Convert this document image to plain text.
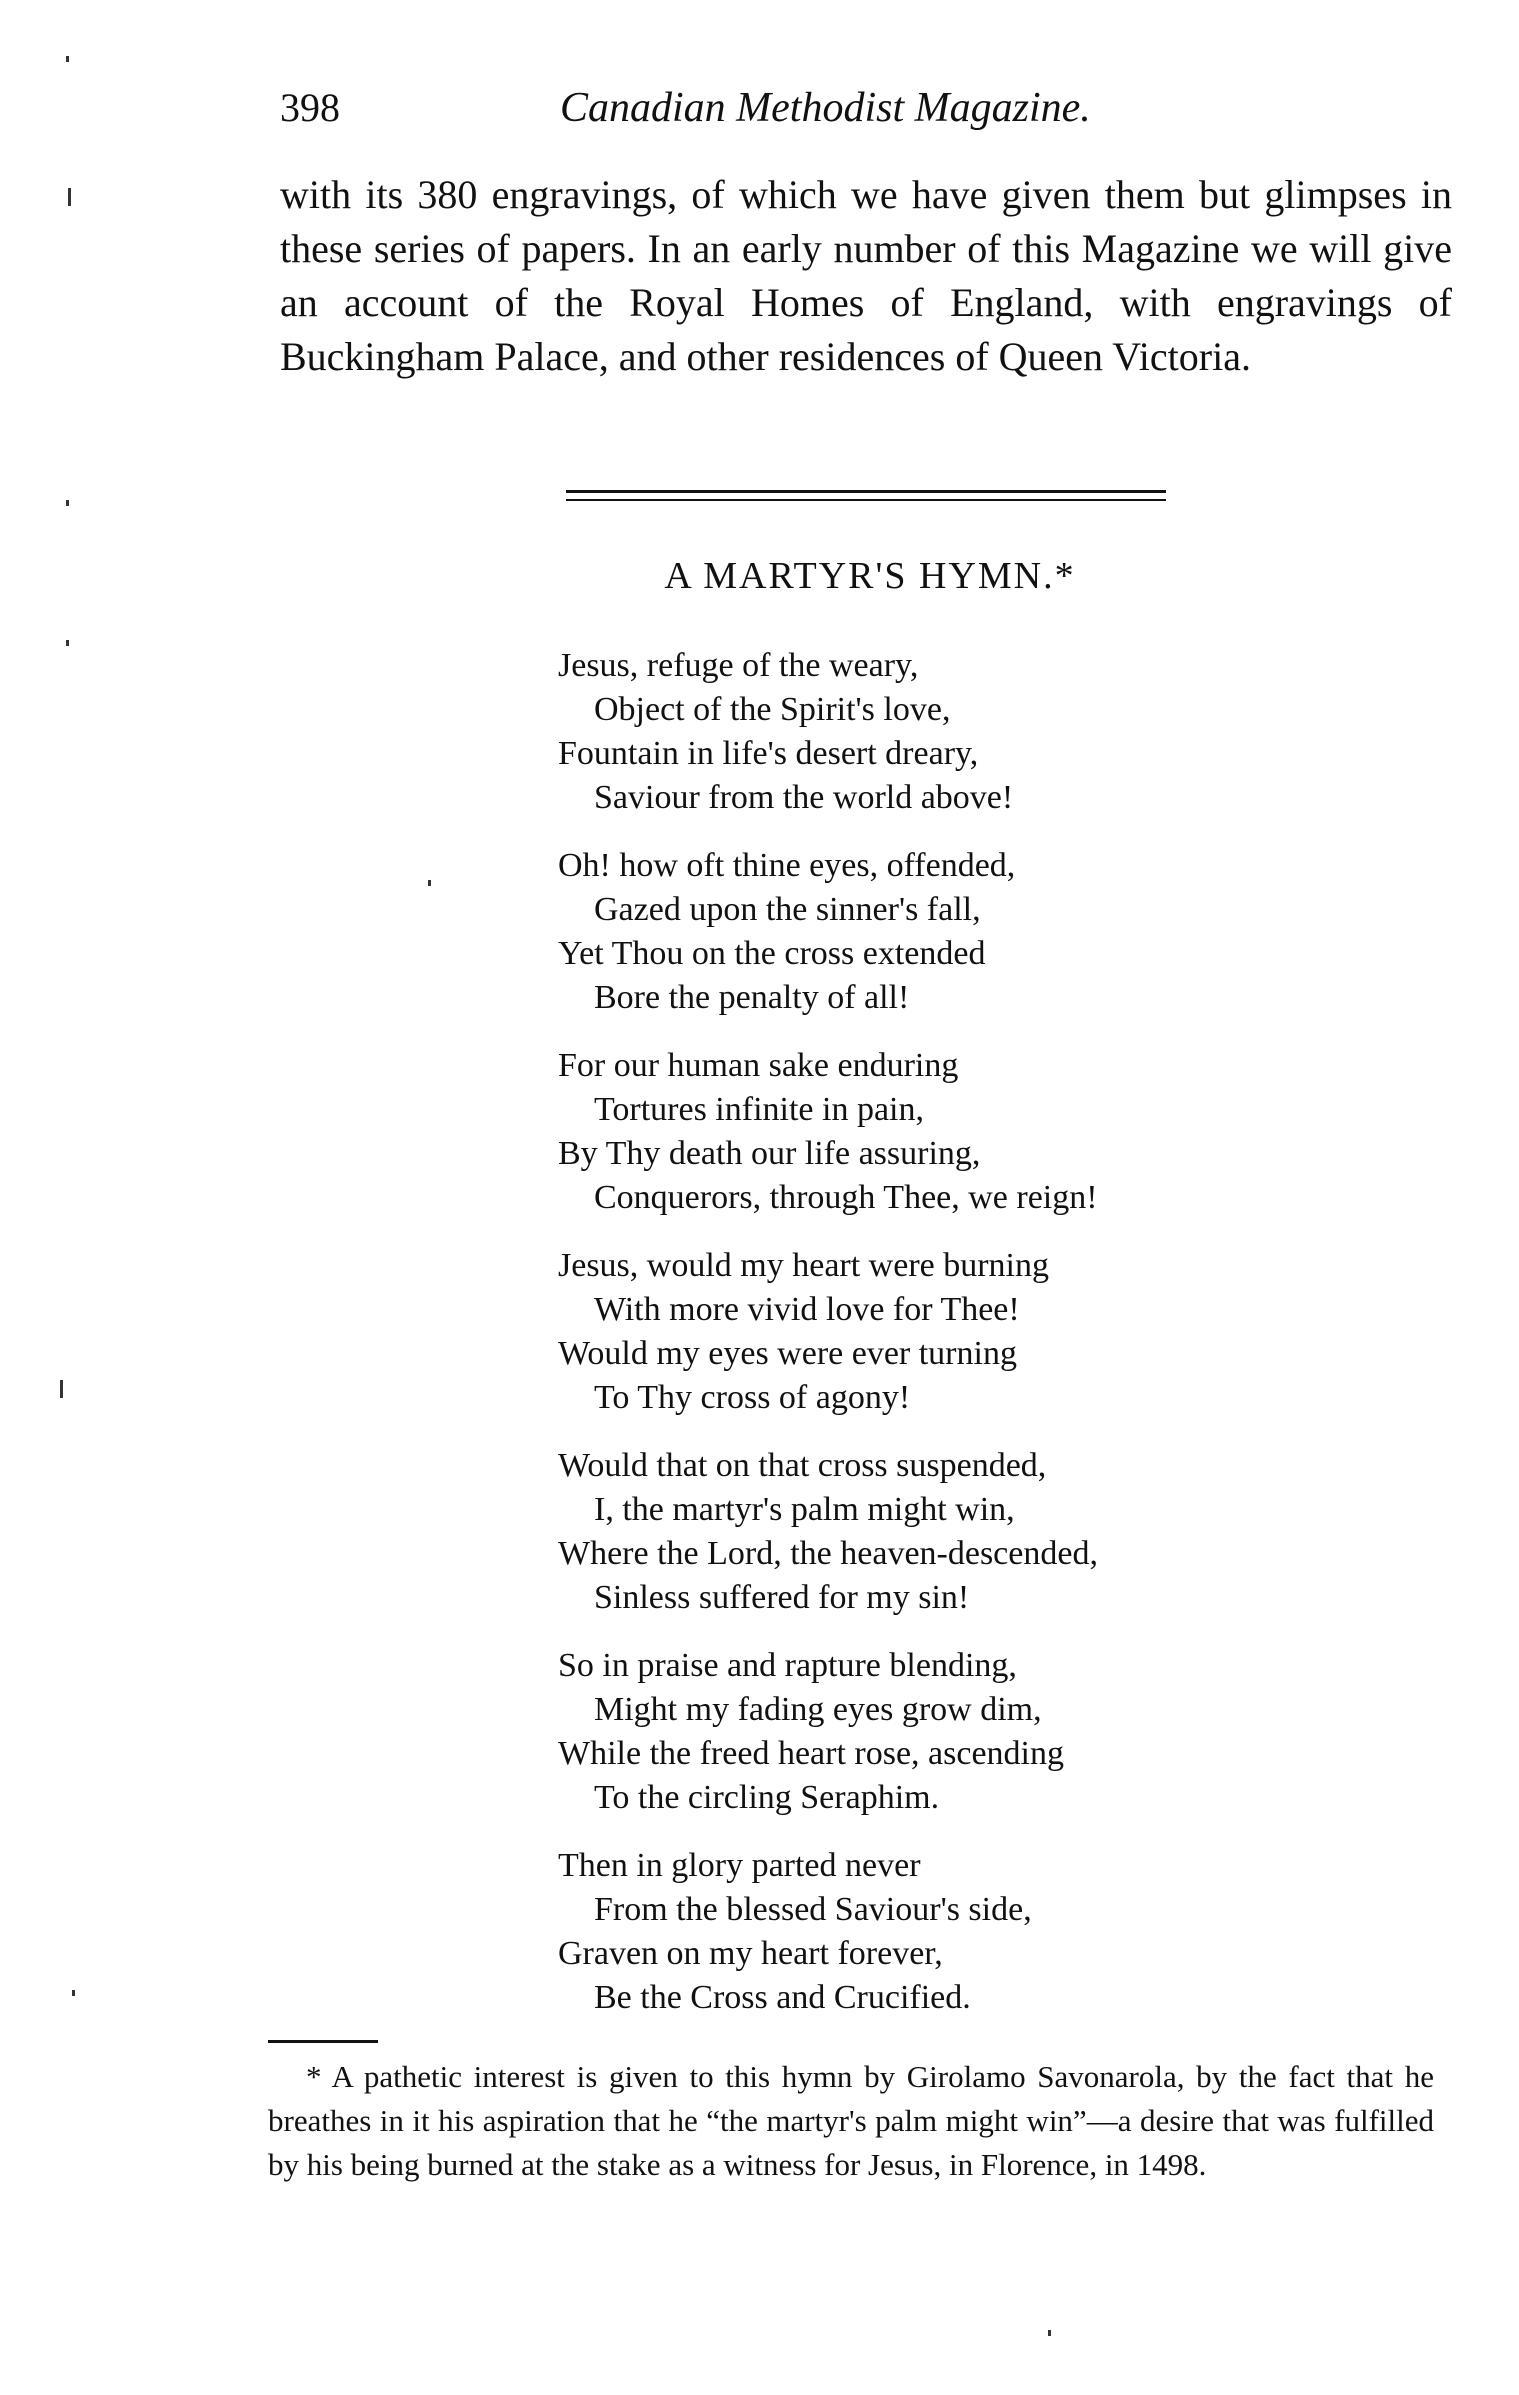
398	Canadian Methodist Magazine.

with its 380 engravings, of which we have given them but glimpses in these series of papers. In an early number of this Magazine we will give an account of the Royal Homes of England, with engravings of Buckingham Palace, and other residences of Queen Victoria.

A MARTYR'S HYMN.*
Jesus, refuge of the weary,
Object of the Spirit's love,
Fountain in life's desert dreary,
Saviour from the world above!
Oh! how oft thine eyes, offended,
Gazed upon the sinner's fall,
Yet Thou on the cross extended
Bore the penalty of all!
For our human sake enduring
Tortures infinite in pain,
By Thy death our life assuring,
Conquerors, through Thee, we reign!
Jesus, would my heart were burning
With more vivid love for Thee!
Would my eyes were ever turning
To Thy cross of agony!
Would that on that cross suspended,
I, the martyr's palm might win,
Where the Lord, the heaven-descended,
Sinless suffered for my sin!
So in praise and rapture blending,
Might my fading eyes grow dim,
While the freed heart rose, ascending
To the circling Seraphim.
Then in glory parted never
From the blessed Saviour's side,
Graven on my heart forever,
Be the Cross and Crucified.

* A pathetic interest is given to this hymn by Girolamo Savonarola, by the fact that he breathes in it his aspiration that he “the martyr's palm might win”—a desire that was fulfilled by his being burned at the stake as a witness for Jesus, in Florence, in 1498.
